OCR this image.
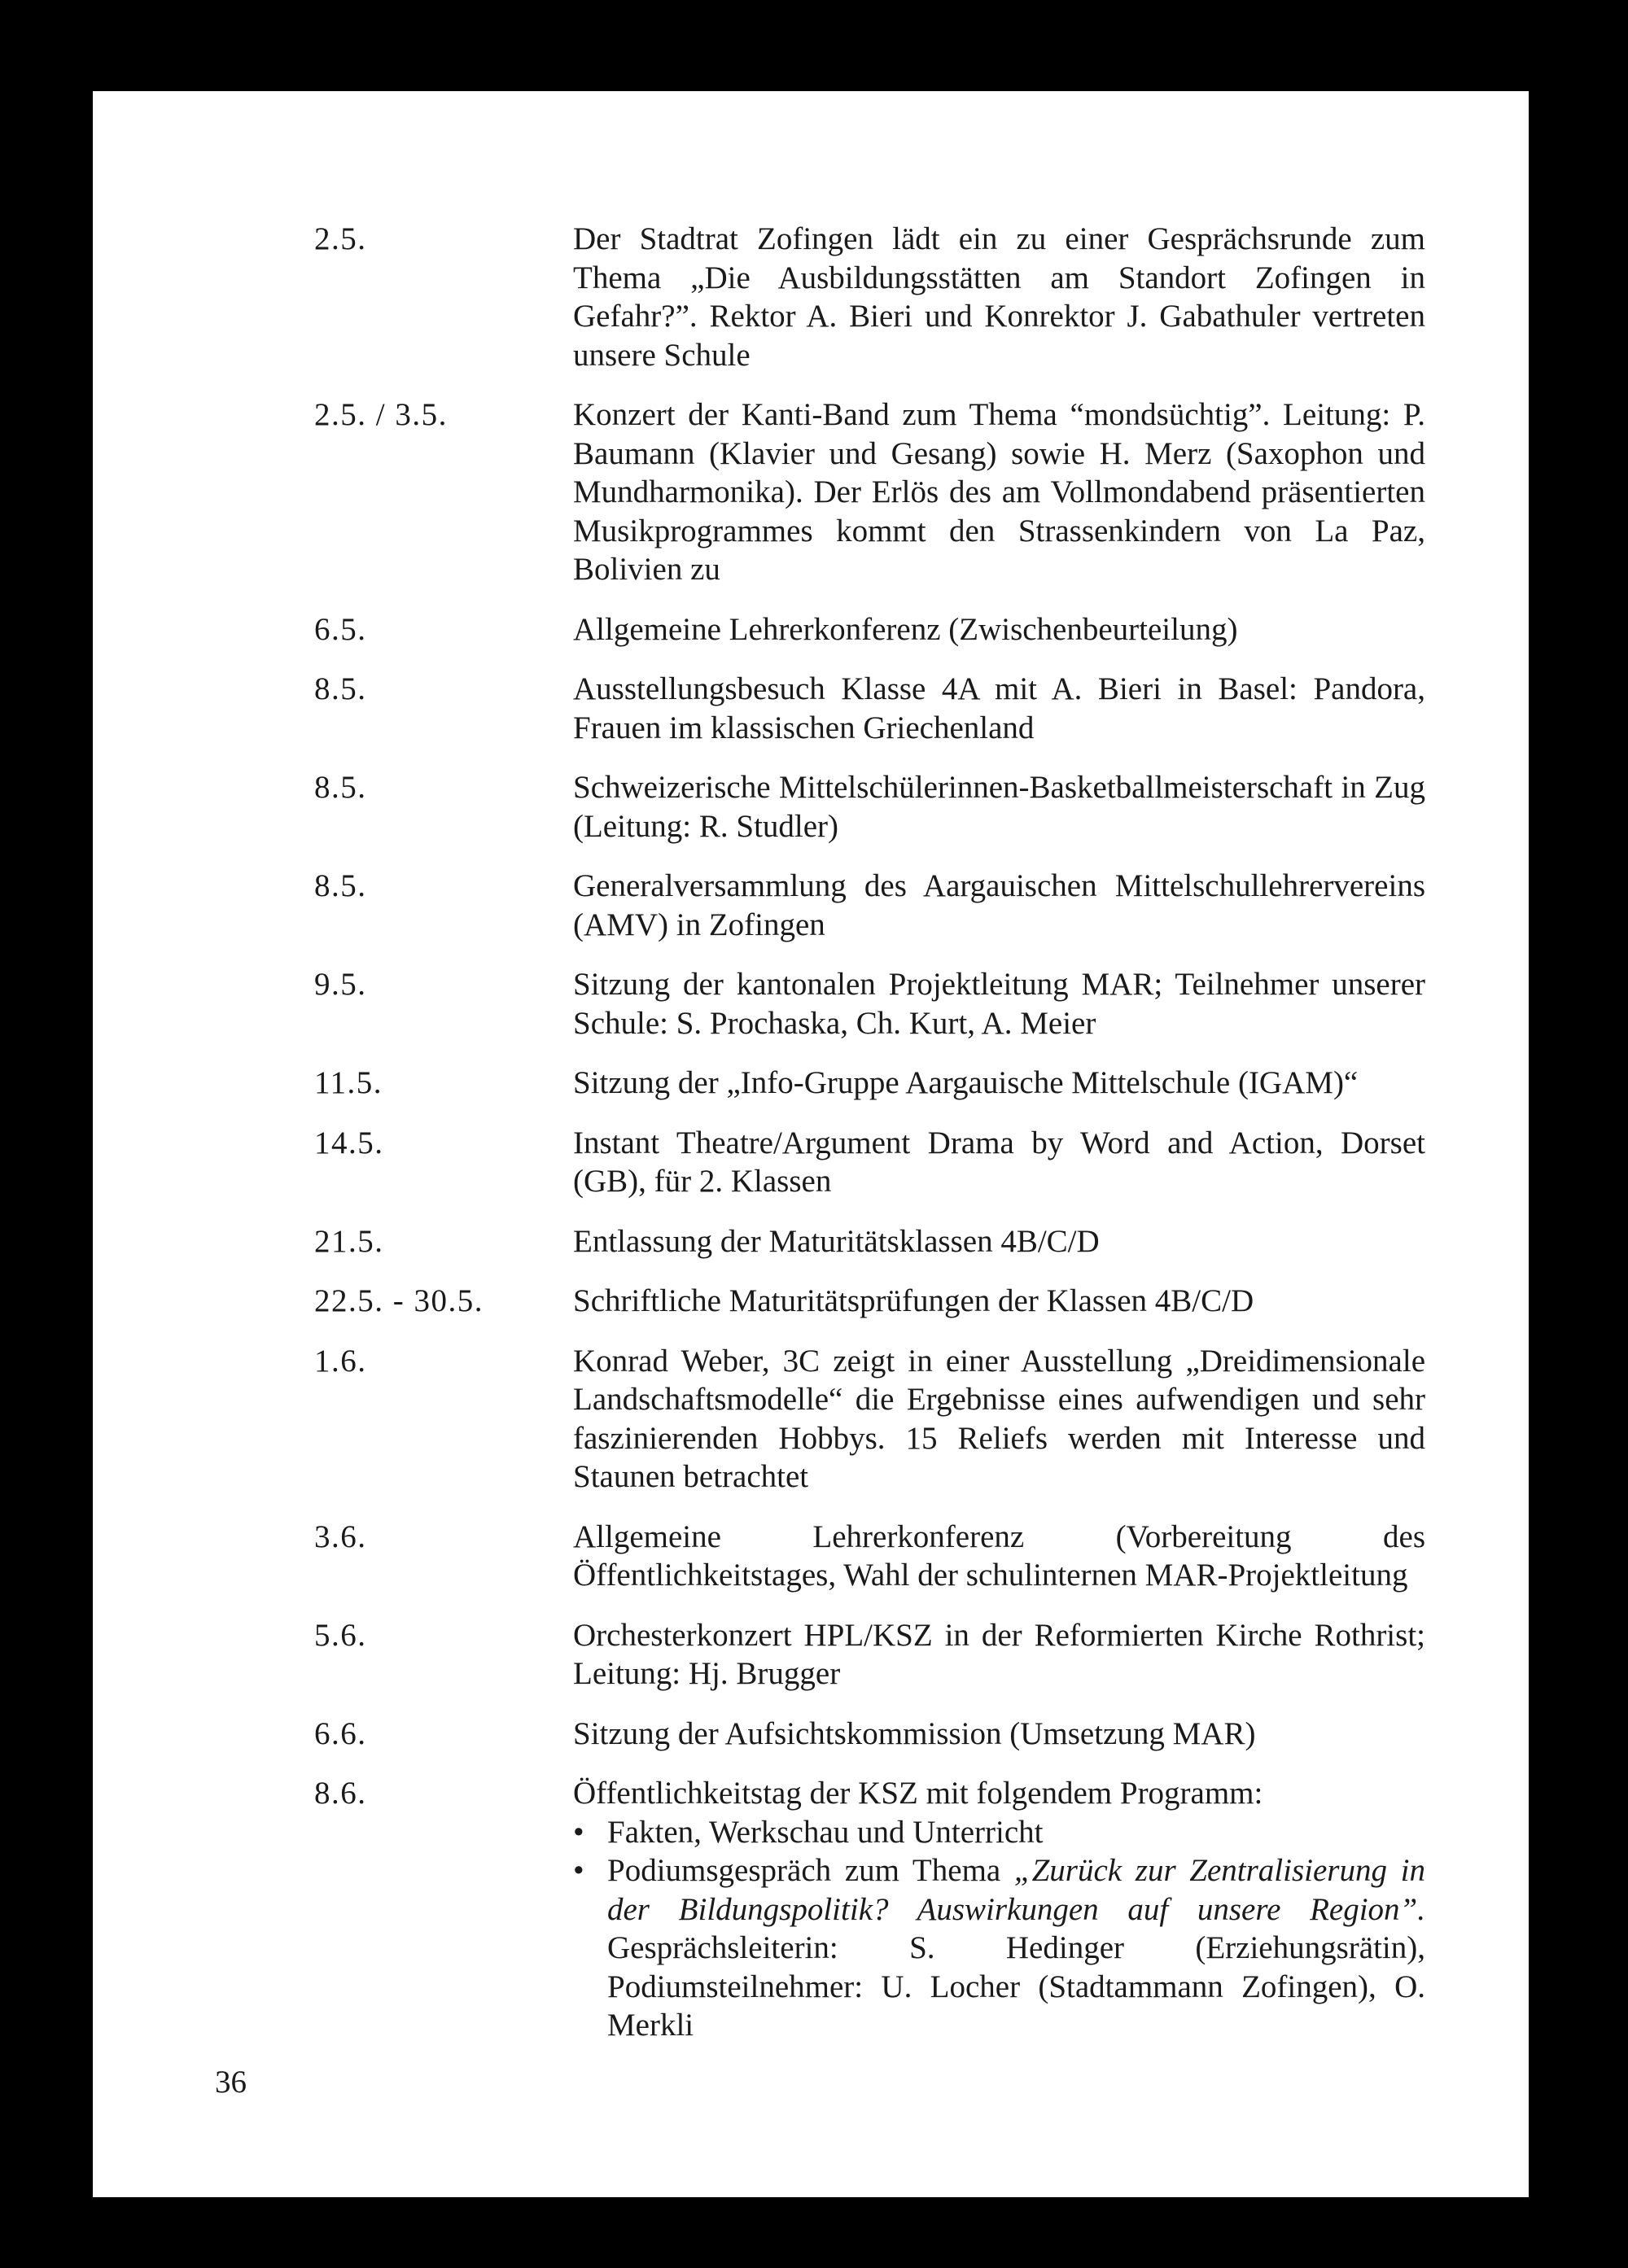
2.5.	Der Stadtrat Zofingen lädt ein zu einer Gesprächsrunde zum Thema „Die Ausbildungsstätten am Standort Zofingen in Gefahr?”. Rektor A. Bieri und Konrektor J. Gabathuler vertreten unsere Schule
2.5. / 3.5.	Konzert der Kanti-Band zum Thema “mondsüchtig”. Leitung: P. Baumann (Klavier und Gesang) sowie H. Merz (Saxophon und Mundharmonika). Der Erlös des am Vollmondabend präsentierten Musikprogrammes kommt den Strassenkindern von La Paz, Bolivien zu
6.5.	Allgemeine Lehrerkonferenz (Zwischenbeurteilung)
8.5.	Ausstellungsbesuch Klasse 4A mit A. Bieri in Basel: Pandora, Frauen im klassischen Griechenland
8.5.	Schweizerische Mittelschülerinnen-Basketballmeisterschaft in Zug (Leitung: R. Studler)
8.5.	Generalversammlung des Aargauischen Mittelschullehrervereins (AMV) in Zofingen
9.5.	Sitzung der kantonalen Projektleitung MAR; Teilnehmer unserer Schule: S. Prochaska, Ch. Kurt, A. Meier
11.5.	Sitzung der „Info-Gruppe Aargauische Mittelschule (IGAM)“
14.5.	Instant Theatre/Argument Drama by Word and Action, Dorset (GB), für 2. Klassen
21.5.	Entlassung der Maturitätsklassen 4B/C/D
22.5. - 30.5.	Schriftliche Maturitätsprüfungen der Klassen 4B/C/D
1.6.	Konrad Weber, 3C zeigt in einer Ausstellung „Dreidimensionale Landschaftsmodelle“ die Ergebnisse eines aufwendigen und sehr faszinierenden Hobbys. 15 Reliefs werden mit Interesse und Staunen betrachtet
3.6.	Allgemeine Lehrerkonferenz (Vorbereitung des Öffentlichkeitstages, Wahl der schulinternen MAR-Projektleitung
5.6.	Orchesterkonzert HPL/KSZ in der Reformierten Kirche Rothrist; Leitung: Hj. Brugger
6.6.	Sitzung der Aufsichtskommission (Umsetzung MAR)
8.6.	Öffentlichkeitstag der KSZ mit folgendem Programm:
• Fakten, Werkschau und Unterricht
• Podiumsgespräch zum Thema „Zurück zur Zentralisierung in der Bildungspolitik? Auswirkungen auf unsere Region”. Gesprächsleiterin: S. Hedinger (Erziehungsrätin), Podiumsteilnehmer: U. Locher (Stadtammann Zofingen), O. Merkli
36
